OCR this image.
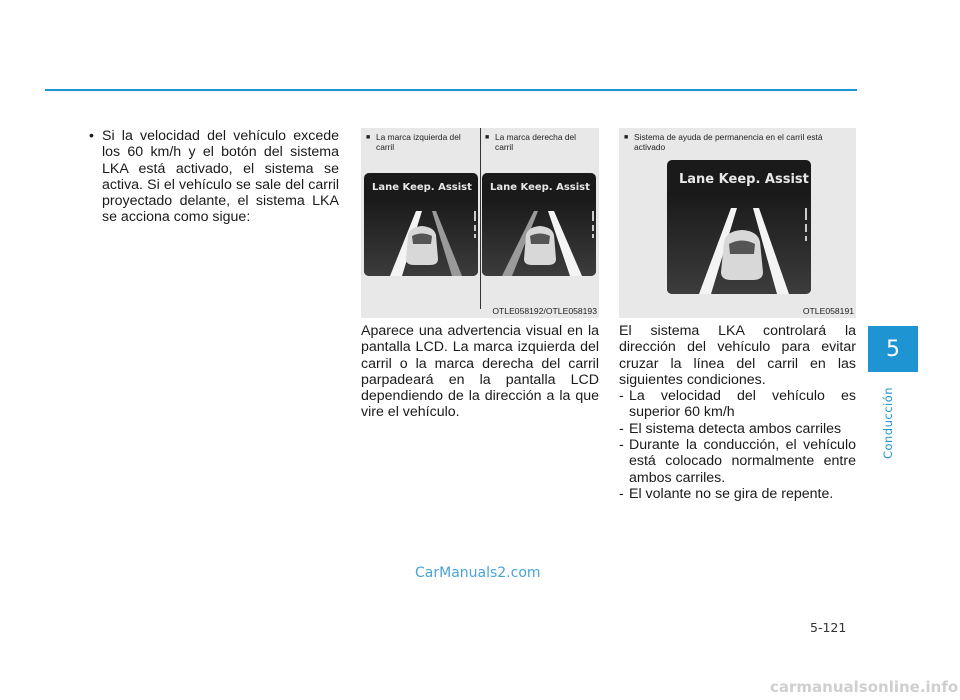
5
Conducción
• Si la velocidad del vehículo excede los 60 km/h y el botón del sistema LKA está activado, el sistema se activa. Si el vehículo se sale del carril proyectado delante, el sistema LKA se acciona como sigue:
■ La marca izquierda del carril
■ La marca derecha del carril
Lane Keep. Assist	Lane Keep. Assist
OTLE058192/OTLE058193
■ Sistema de ayuda de permanencia en el carril está activado
Lane Keep. Assist
OTLE058191
Aparece una advertencia visual en la pantalla LCD. La marca izquierda del carril o la marca derecha del carril parpadeará en la pantalla LCD dependiendo de la dirección a la que vire el vehículo.
El sistema LKA controlará la dirección del vehículo para evitar cruzar la línea del carril en las siguientes condiciones.
- La velocidad del vehículo es superior 60 km/h
- El sistema detecta ambos carriles
- Durante la conducción, el vehículo está colocado normalmente entre ambos carriles.
- El volante no se gira de repente.
CarManuals2.com
5-121
carmanualsonline.info
